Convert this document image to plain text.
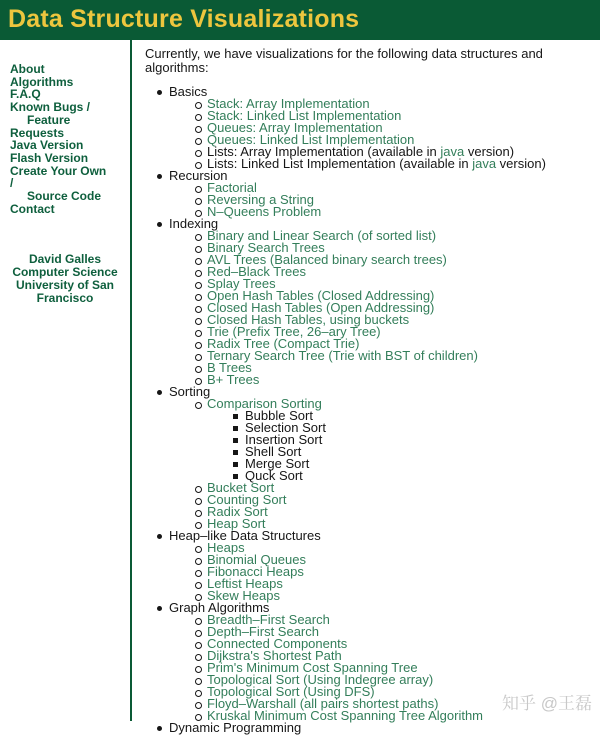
Data Structure Visualizations
About
Algorithms
F.A.Q
Known Bugs /
Feature
Requests
Java Version
Flash Version
Create Your Own
/
Source Code
Contact
David Galles
Computer Science
University of San
Francisco

Currently, we have visualizations for the following data structures and algorithms:

Basics
Stack: Array Implementation
Stack: Linked List Implementation
Queues: Array Implementation
Queues: Linked List Implementation
Lists: Array Implementation (available in java version)
Lists: Linked List Implementation (available in java version)
Recursion
Factorial
Reversing a String
N–Queens Problem
Indexing
Binary and Linear Search (of sorted list)
Binary Search Trees
AVL Trees (Balanced binary search trees)
Red–Black Trees
Splay Trees
Open Hash Tables (Closed Addressing)
Closed Hash Tables (Open Addressing)
Closed Hash Tables, using buckets
Trie (Prefix Tree, 26–ary Tree)
Radix Tree (Compact Trie)
Ternary Search Tree (Trie with BST of children)
B Trees
B+ Trees
Sorting
Comparison Sorting
Bubble Sort
Selection Sort
Insertion Sort
Shell Sort
Merge Sort
Quck Sort
Bucket Sort
Counting Sort
Radix Sort
Heap Sort
Heap–like Data Structures
Heaps
Binomial Queues
Fibonacci Heaps
Leftist Heaps
Skew Heaps
Graph Algorithms
Breadth–First Search
Depth–First Search
Connected Components
Dijkstra's Shortest Path
Prim's Minimum Cost Spanning Tree
Topological Sort (Using Indegree array)
Topological Sort (Using DFS)
Floyd–Warshall (all pairs shortest paths)
Kruskal Minimum Cost Spanning Tree Algorithm
Dynamic Programming
知乎 @王磊
